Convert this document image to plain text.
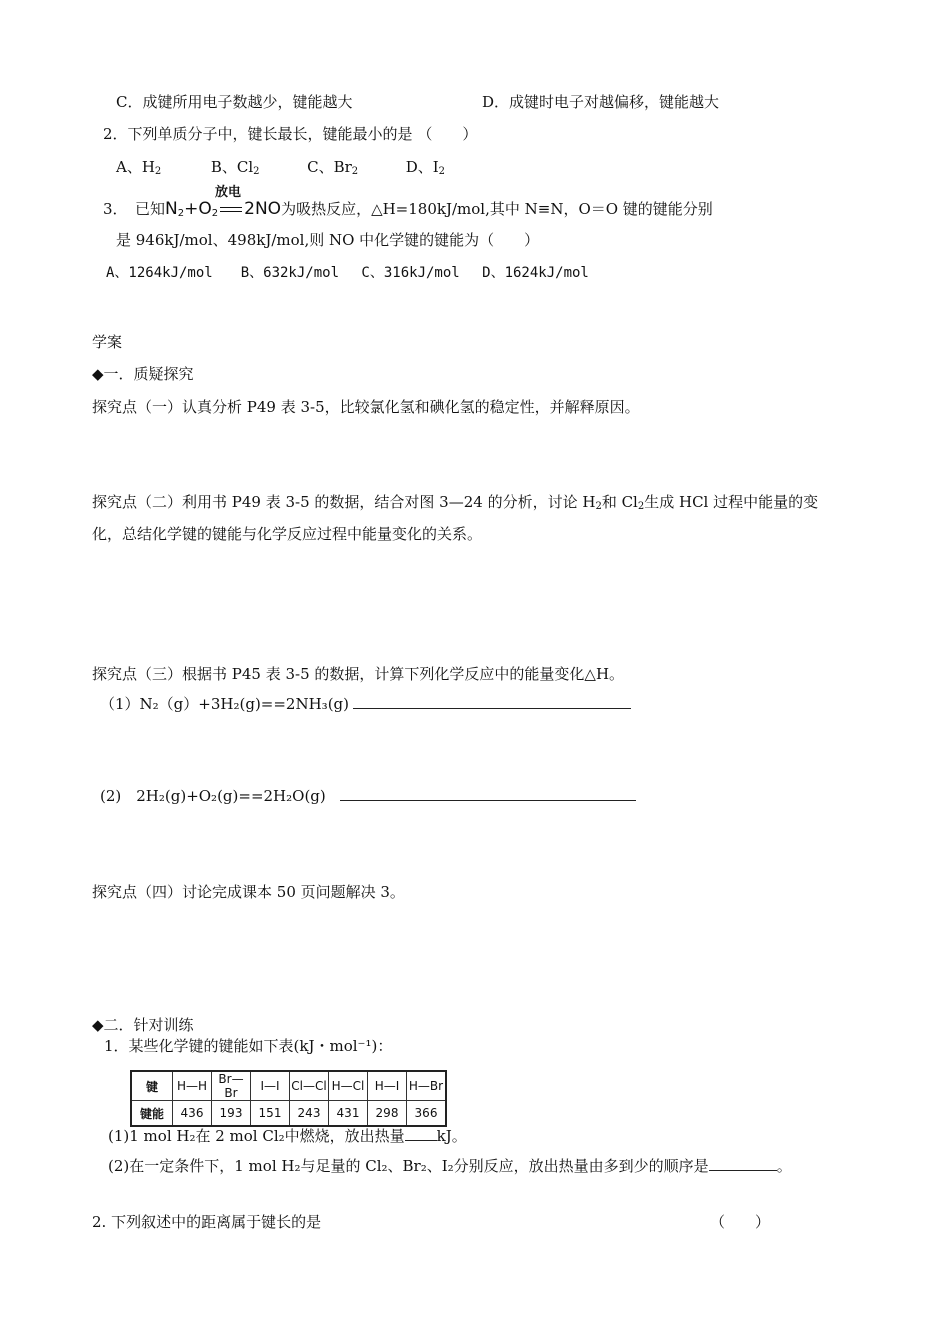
C．成键所用电子数越少，键能越大	D．成键时电子对越偏移，键能越大
2．下列单质分子中，键长最长，键能最小的是 （　　）
A、$H_2$	B、$Cl_2$	C、$Br_2$	D、$I_2$
3．　已知$N_2+O_2$
放电
2NO为吸热反应，△H=180kJ/mol,其中 N≡N，O＝O 键的键能分别
是 946kJ/mol、498kJ/mol,则 NO 中化学键的键能为（　　）
A、1264kJ/mol　　B、632kJ/mol　 C、316kJ/mol　 D、1624kJ/mol
学案
◆一．质疑探究
探究点（一）认真分析 P49 表 3-5，比较氯化氢和碘化氢的稳定性，并解释原因。
探究点（二）利用书 P49 表 3-5 的数据，结合对图 3—24 的分析，讨论 $H_2$和 $Cl_2$生成 HCl 过程中能量的变
化，总结化学键的键能与化学反应过程中能量变化的关系。
探究点（三）根据书 P45 表 3-5 的数据，计算下列化学反应中的能量变化△H。
（1）N₂（g）+3H₂(g)==2NH₃(g)
(2)　2H₂(g)+O₂(g)==2H₂O(g)
探究点（四）讨论完成课本 50 页问题解决 3。
◆二．针对训练
1．某些化学键的键能如下表(kJ・mol⁻¹)：
键	H—H	Br—Br	I—I	Cl—Cl	H—Cl	H—I	H—Br
键能	436	193	151	243	431	298	366
(1)1 mol H₂在 2 mol Cl₂中燃烧，放出热量 kJ。
(2)在一定条件下，1 mol H₂与足量的 Cl₂、Br₂、I₂分别反应，放出热量由多到少的顺序是	。
2. 下列叙述中的距离属于键长的是	（　　）
